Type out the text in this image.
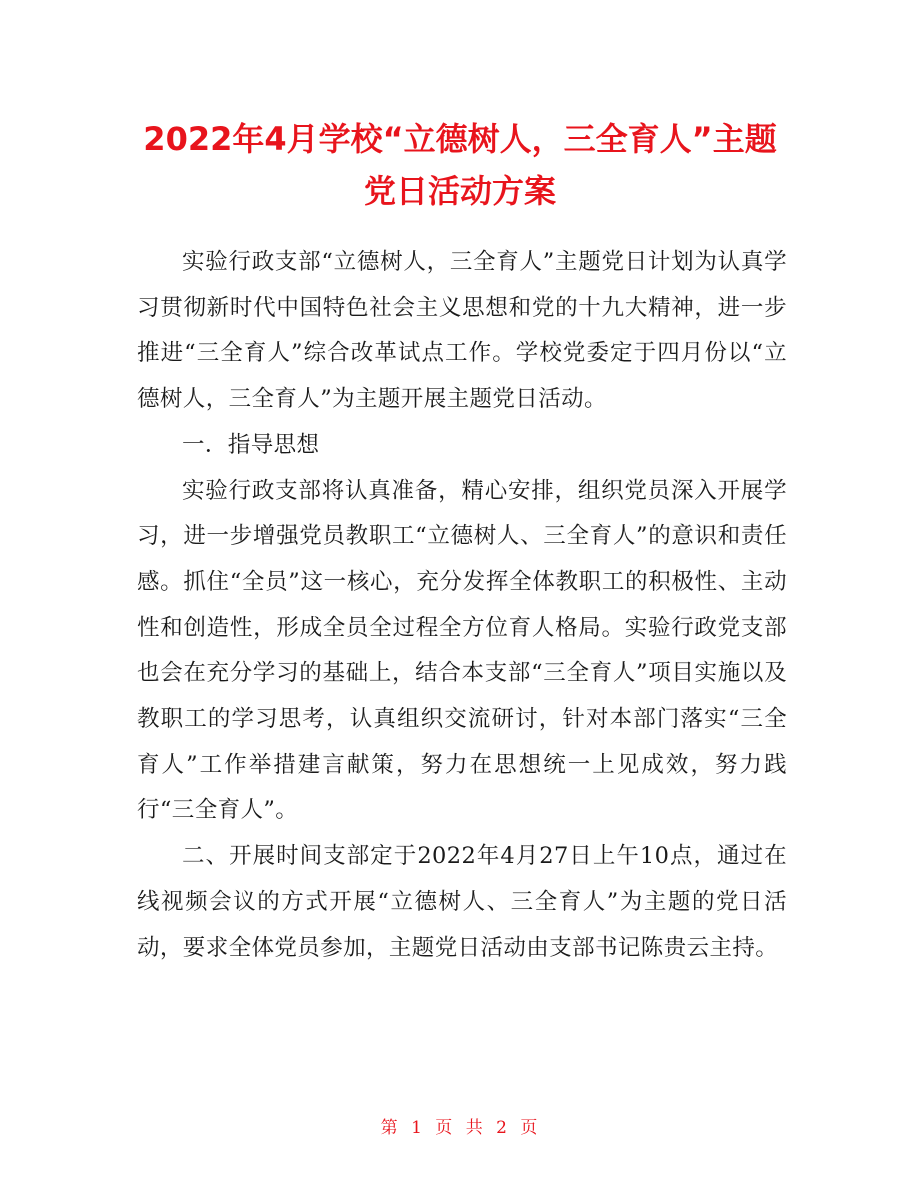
2022年4月学校“立德树人，三全育人”主题
党日活动方案

实验行政支部“立德树人，三全育人”主题党日计划为认真学习贯彻新时代中国特色社会主义思想和党的十九大精神，进一步推进“三全育人”综合改革试点工作。学校党委定于四月份以“立德树人，三全育人”为主题开展主题党日活动。

一．指导思想

实验行政支部将认真准备，精心安排，组织党员深入开展学习，进一步增强党员教职工“立德树人、三全育人”的意识和责任感。抓住“全员”这一核心，充分发挥全体教职工的积极性、主动性和创造性，形成全员全过程全方位育人格局。实验行政党支部也会在充分学习的基础上，结合本支部“三全育人”项目实施以及教职工的学习思考，认真组织交流研讨，针对本部门落实“三全育人”工作举措建言献策，努力在思想统一上见成效，努力践行“三全育人”。

二、开展时间支部定于2022年4月27日上午10点，通过在线视频会议的方式开展“立德树人、三全育人”为主题的党日活动，要求全体党员参加，主题党日活动由支部书记陈贵云主持。

第 1 页 共 2 页
